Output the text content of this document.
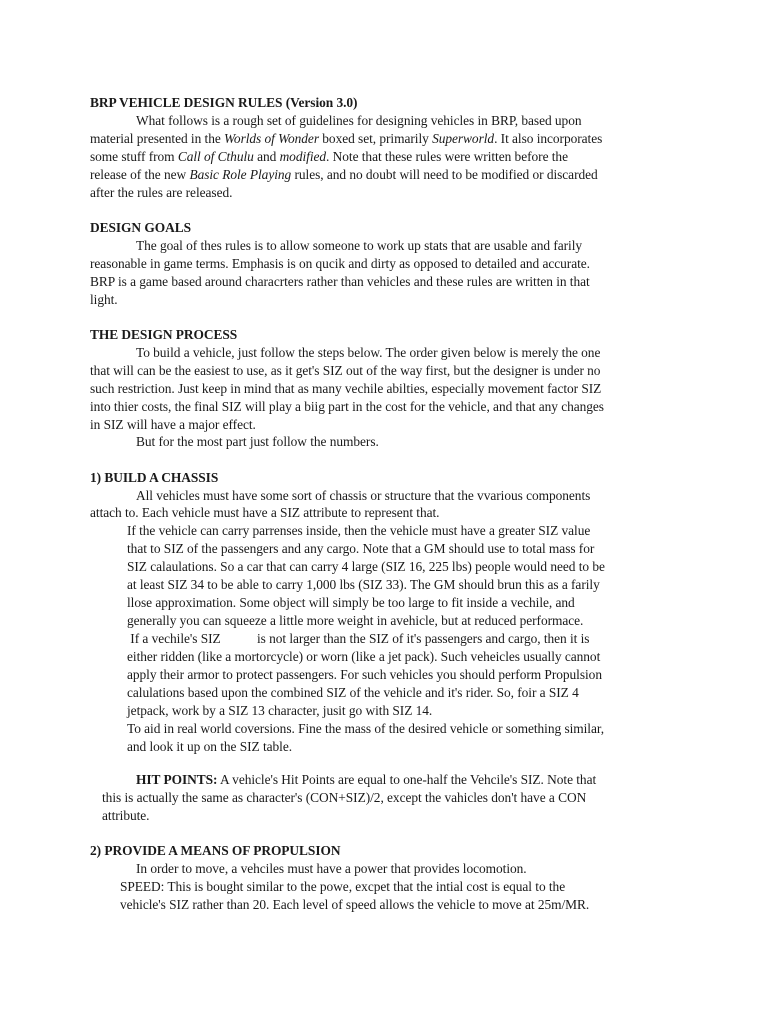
BRP VEHICLE DESIGN RULES (Version 3.0)
What follows is a rough set of guidelines for designing vehicles in BRP, based upon
material presented in the Worlds of Wonder boxed set, primarily Superworld. It also incorporates
some stuff from Call of Cthulu and modified. Note that these rules were written before the
release of the new Basic Role Playing rules, and no doubt will need to be modified or discarded
after the rules are released.
DESIGN GOALS
The goal of thes rules is to allow someone to work up stats that are usable and farily
reasonable in game terms. Emphasis is on qucik and dirty as opposed to detailed and accurate.
BRP is a game based around characrters rather than vehicles and these rules are written in that
light.
THE DESIGN PROCESS
To build a vehicle, just follow the steps below. The order given below is merely the one
that will can be the easiest to use, as it get's SIZ out of the way first, but the designer is under no
such restriction. Just keep in mind that as many vechile abilties, especially movement factor SIZ
into thier costs, the final SIZ will play a biig part in the cost for the vehicle, and that any changes
in SIZ will have a major effect.
But for the most part just follow the numbers.
1) BUILD A CHASSIS
All vehicles must have some sort of chassis or structure that the vvarious components
attach to. Each vehicle must have a SIZ attribute to represent that.
If the vehicle can carry parrenses inside, then the vehicle must have a greater SIZ value
that to SIZ of the passengers and any cargo. Note that a GM should use to total mass for
SIZ calaulations. So a car that can carry 4 large (SIZ 16, 225 lbs) people would need to be
at least SIZ 34 to be able to carry 1,000 lbs (SIZ 33). The GM should brun this as a farily
llose approximation. Some object will simply be too large to fit inside a vechile, and
generally you can squeeze a little more weight in avehicle, but at reduced performace.
If a vechile's SIZ           is not larger than the SIZ of it's passengers and cargo, then it is
either ridden (like a mortorcycle) or worn (like a jet pack). Such veheicles usually cannot
apply their armor to protect passengers. For such vehicles you should perform Propulsion
calulations based upon the combined SIZ of the vehicle and it's rider. So, foir a SIZ 4
jetpack, work by a SIZ 13 character, jusit go with SIZ 14.
To aid in real world coversions. Fine the mass of the desired vehicle or something similar,
and look it up on the SIZ table.
HIT POINTS: A vehicle's Hit Points are equal to one-half the Vehcile's SIZ. Note that
this is actually the same as character's (CON+SIZ)/2, except the vahicles don't have a CON
attribute.
2) PROVIDE A MEANS OF PROPULSION
In order to move, a vehciles must have a power that provides locomotion.
SPEED: This is bought similar to the powe, excpet that the intial cost is equal to the
vehicle's SIZ rather than 20. Each level of speed allows the vehicle to move at 25m/MR.
